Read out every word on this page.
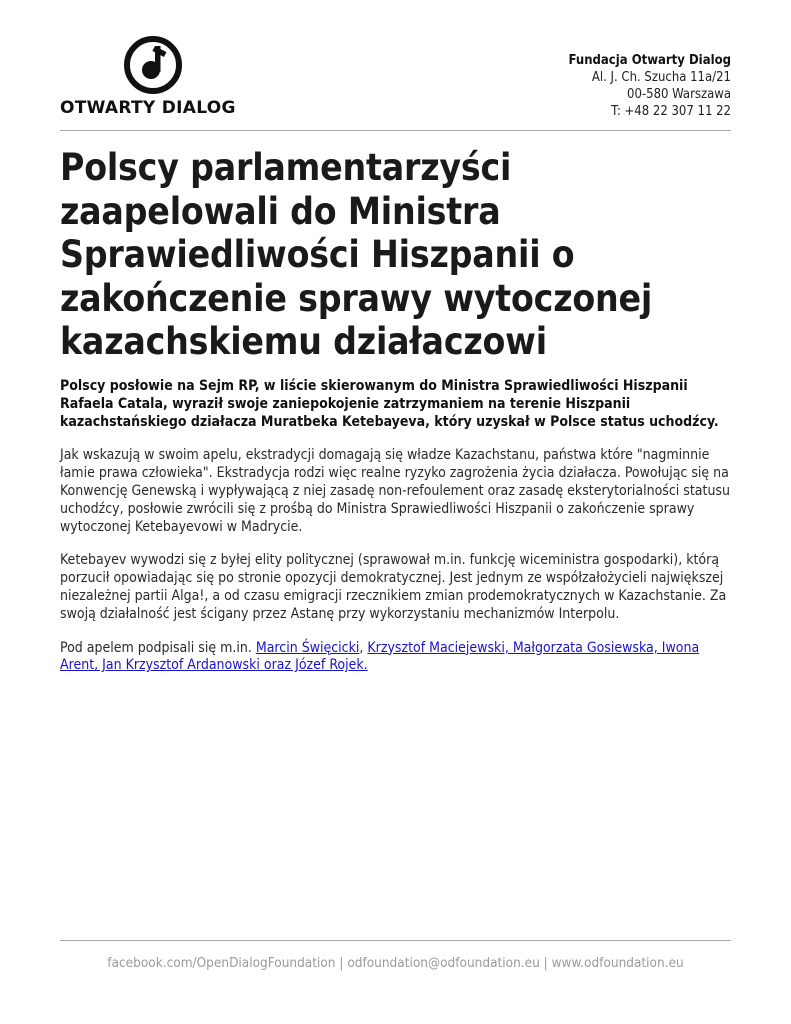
OTWARTY DIALOG
Fundacja Otwarty Dialog
Al. J. Ch. Szucha 11a/21
00-580 Warszawa
T: +48 22 307 11 22
Polscy parlamentarzyści zaapelowali do Ministra Sprawiedliwości Hiszpanii o zakończenie sprawy wytoczonej kazachskiemu działaczowi

Polscy posłowie na Sejm RP, w liście skierowanym do Ministra Sprawiedliwości Hiszpanii Rafaela Catala, wyraził swoje zaniepokojenie zatrzymaniem na terenie Hiszpanii kazachstańskiego działacza Muratbeka Ketebayeva, który uzyskał w Polsce status uchodźcy.

Jak wskazują w swoim apelu, ekstradycji domagają się władze Kazachstanu, państwa które "nagminnie łamie prawa człowieka". Ekstradycja rodzi więc realne ryzyko zagrożenia życia działacza. Powołując się na Konwencję Genewską i wypływającą z niej zasadę non-refoulement oraz zasadę eksterytorialności statusu uchodźcy, posłowie zwrócili się z prośbą do Ministra Sprawiedliwości Hiszpanii o zakończenie sprawy wytoczonej Ketebayevowi w Madrycie.

Ketebayev wywodzi się z byłej elity politycznej (sprawował m.in. funkcję wiceministra gospodarki), którą porzucił opowiadając się po stronie opozycji demokratycznej. Jest jednym ze współzałożycieli największej niezależnej partii Alga!, a od czasu emigracji rzecznikiem zmian prodemokratycznych w Kazachstanie. Za swoją działalność jest ścigany przez Astanę przy wykorzystaniu mechanizmów Interpolu.

Pod apelem podpisali się m.in. Marcin Święcicki, Krzysztof Maciejewski, Małgorzata Gosiewska, Iwona Arent, Jan Krzysztof Ardanowski oraz Józef Rojek.

facebook.com/OpenDialogFoundation | odfoundation@odfoundation.eu | www.odfoundation.eu
